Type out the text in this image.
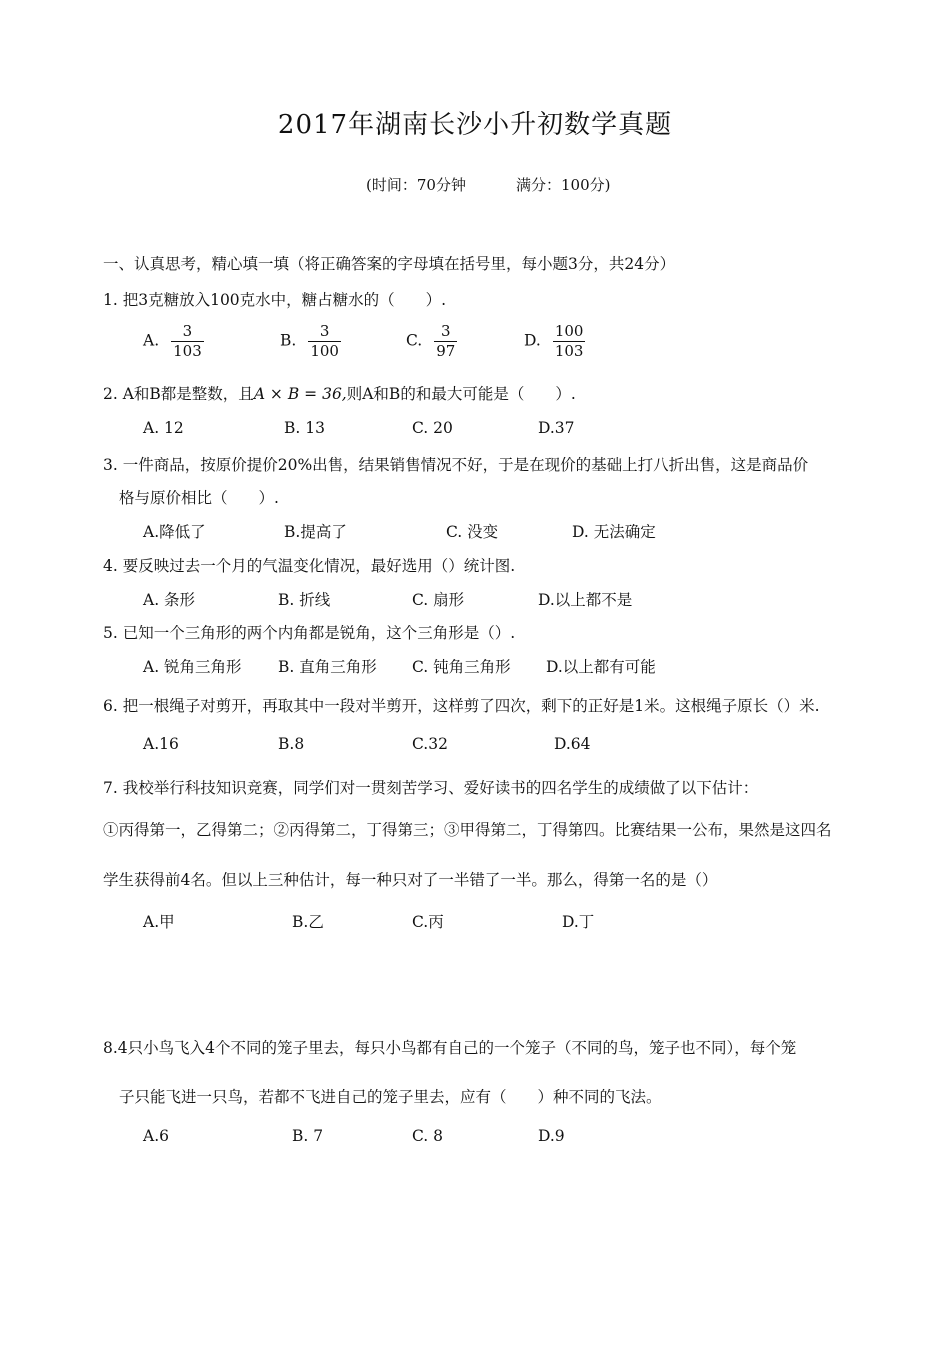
2017年湖南长沙小升初数学真题
(时间：70分钟	满分：100分)
一、认真思考，精心填一填（将正确答案的字母填在括号里，每小题3分，共24分）
1. 把3克糖放入100克水中，糖占糖水的（　　）.
A. $\frac{3}{103}$	B. $\frac{3}{100}$	C. $\frac{3}{97}$	D. $\frac{100}{103}$
2. A和B都是整数，且A × B = 36,则A和B的和最大可能是（　　）.
A. 12	B. 13	C. 20	D.37
3. 一件商品，按原价提价20%出售，结果销售情况不好，于是在现价的基础上打八折出售，这是商品价
格与原价相比（　　）.
A.降低了	B.提高了	C. 没变	D. 无法确定
4. 要反映过去一个月的气温变化情况，最好选用（）统计图.
A. 条形	B. 折线	C. 扇形	D.以上都不是
5. 已知一个三角形的两个内角都是锐角，这个三角形是（）.
A. 锐角三角形 B. 直角三角形 C. 钝角三角形 D.以上都有可能
6. 把一根绳子对剪开，再取其中一段对半剪开，这样剪了四次，剩下的正好是1米。这根绳子原长（）米.
A.16	B.8	C.32	D.64
7. 我校举行科技知识竞赛，同学们对一贯刻苦学习、爱好读书的四名学生的成绩做了以下估计：
①丙得第一，乙得第二；②丙得第二，丁得第三；③甲得第二，丁得第四。比赛结果一公布，果然是这四名
学生获得前4名。但以上三种估计，每一种只对了一半错了一半。那么，得第一名的是（）
A.甲	B.乙	C.丙	D.丁
8.4只小鸟飞入4个不同的笼子里去，每只小鸟都有自己的一个笼子（不同的鸟，笼子也不同），每个笼
子只能飞进一只鸟，若都不飞进自己的笼子里去，应有（　　）种不同的飞法。
A.6	B. 7	C. 8	D.9
